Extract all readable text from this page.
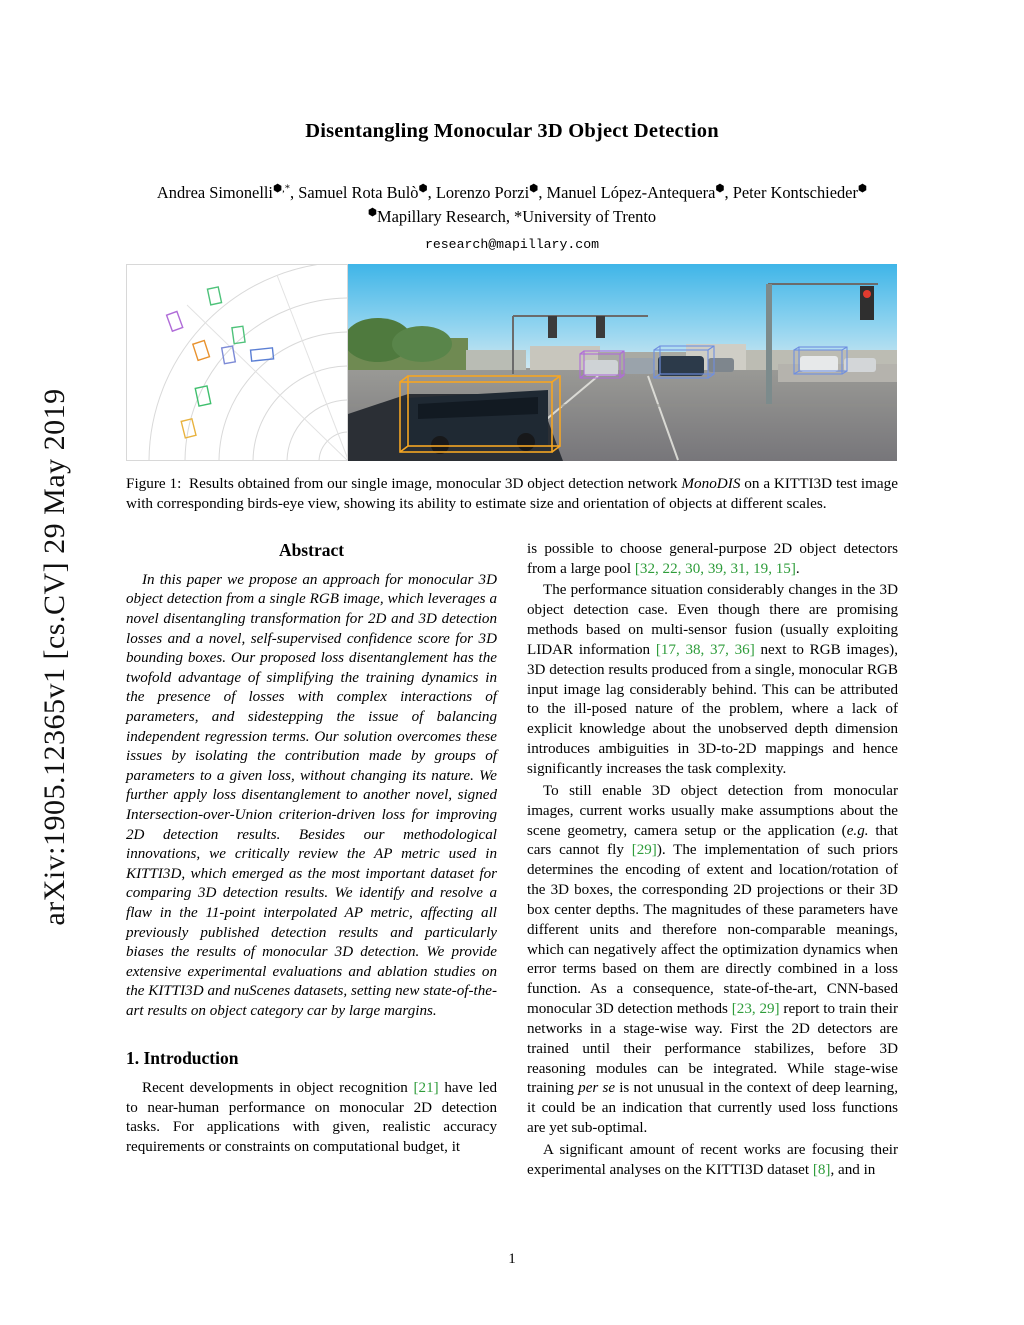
arXiv:1905.12365v1 [cs.CV] 29 May 2019
Disentangling Monocular 3D Object Detection
Andrea Simonelli⬢,*, Samuel Rota Bulò⬢, Lorenzo Porzi⬢, Manuel López-Antequera⬢, Peter Kontschieder⬢
⬢Mapillary Research, *University of Trento
research@mapillary.com
Figure 1:  Results obtained from our single image, monocular 3D object detection network MonoDIS on a KITTI3D test image with corresponding birds-eye view, showing its ability to estimate size and orientation of objects at different scales.
Abstract

In this paper we propose an approach for monocular 3D object detection from a single RGB image, which leverages a novel disentangling transformation for 2D and 3D detection losses and a novel, self-supervised confidence score for 3D bounding boxes. Our proposed loss disentanglement has the twofold advantage of simplifying the training dynamics in the presence of losses with complex interactions of parameters, and sidestepping the issue of balancing independent regression terms. Our solution overcomes these issues by isolating the contribution made by groups of parameters to a given loss, without changing its nature. We further apply loss disentanglement to another novel, signed Intersection-over-Union criterion-driven loss for improving 2D detection results. Besides our methodological innovations, we critically review the AP metric used in KITTI3D, which emerged as the most important dataset for comparing 3D detection results. We identify and resolve a flaw in the 11-point interpolated AP metric, affecting all previously published detection results and particularly biases the results of monocular 3D detection. We provide extensive experimental evaluations and ablation studies on the KITTI3D and nuScenes datasets, setting new state-of-the-art results on object category car by large margins.

1. Introduction

Recent developments in object recognition [21] have led to near-human performance on monocular 2D detection tasks. For applications with given, realistic accuracy requirements or constraints on computational budget, it

is possible to choose general-purpose 2D object detectors from a large pool [32, 22, 30, 39, 31, 19, 15].

The performance situation considerably changes in the 3D object detection case. Even though there are promising methods based on multi-sensor fusion (usually exploiting LIDAR information [17, 38, 37, 36] next to RGB images), 3D detection results produced from a single, monocular RGB input image lag considerably behind. This can be attributed to the ill-posed nature of the problem, where a lack of explicit knowledge about the unobserved depth dimension introduces ambiguities in 3D-to-2D mappings and hence significantly increases the task complexity.

To still enable 3D object detection from monocular images, current works usually make assumptions about the scene geometry, camera setup or the application (e.g. that cars cannot fly [29]). The implementation of such priors determines the encoding of extent and location/rotation of the 3D boxes, the corresponding 2D projections or their 3D box center depths. The magnitudes of these parameters have different units and therefore non-comparable meanings, which can negatively affect the optimization dynamics when error terms based on them are directly combined in a loss function. As a consequence, state-of-the-art, CNN-based monocular 3D detection methods [23, 29] report to train their networks in a stage-wise way. First the 2D detectors are trained until their performance stabilizes, before 3D reasoning modules can be integrated. While stage-wise training per se is not unusual in the context of deep learning, it could be an indication that currently used loss functions are yet sub-optimal.

A significant amount of recent works are focusing their experimental analyses on the KITTI3D dataset [8], and in

1
